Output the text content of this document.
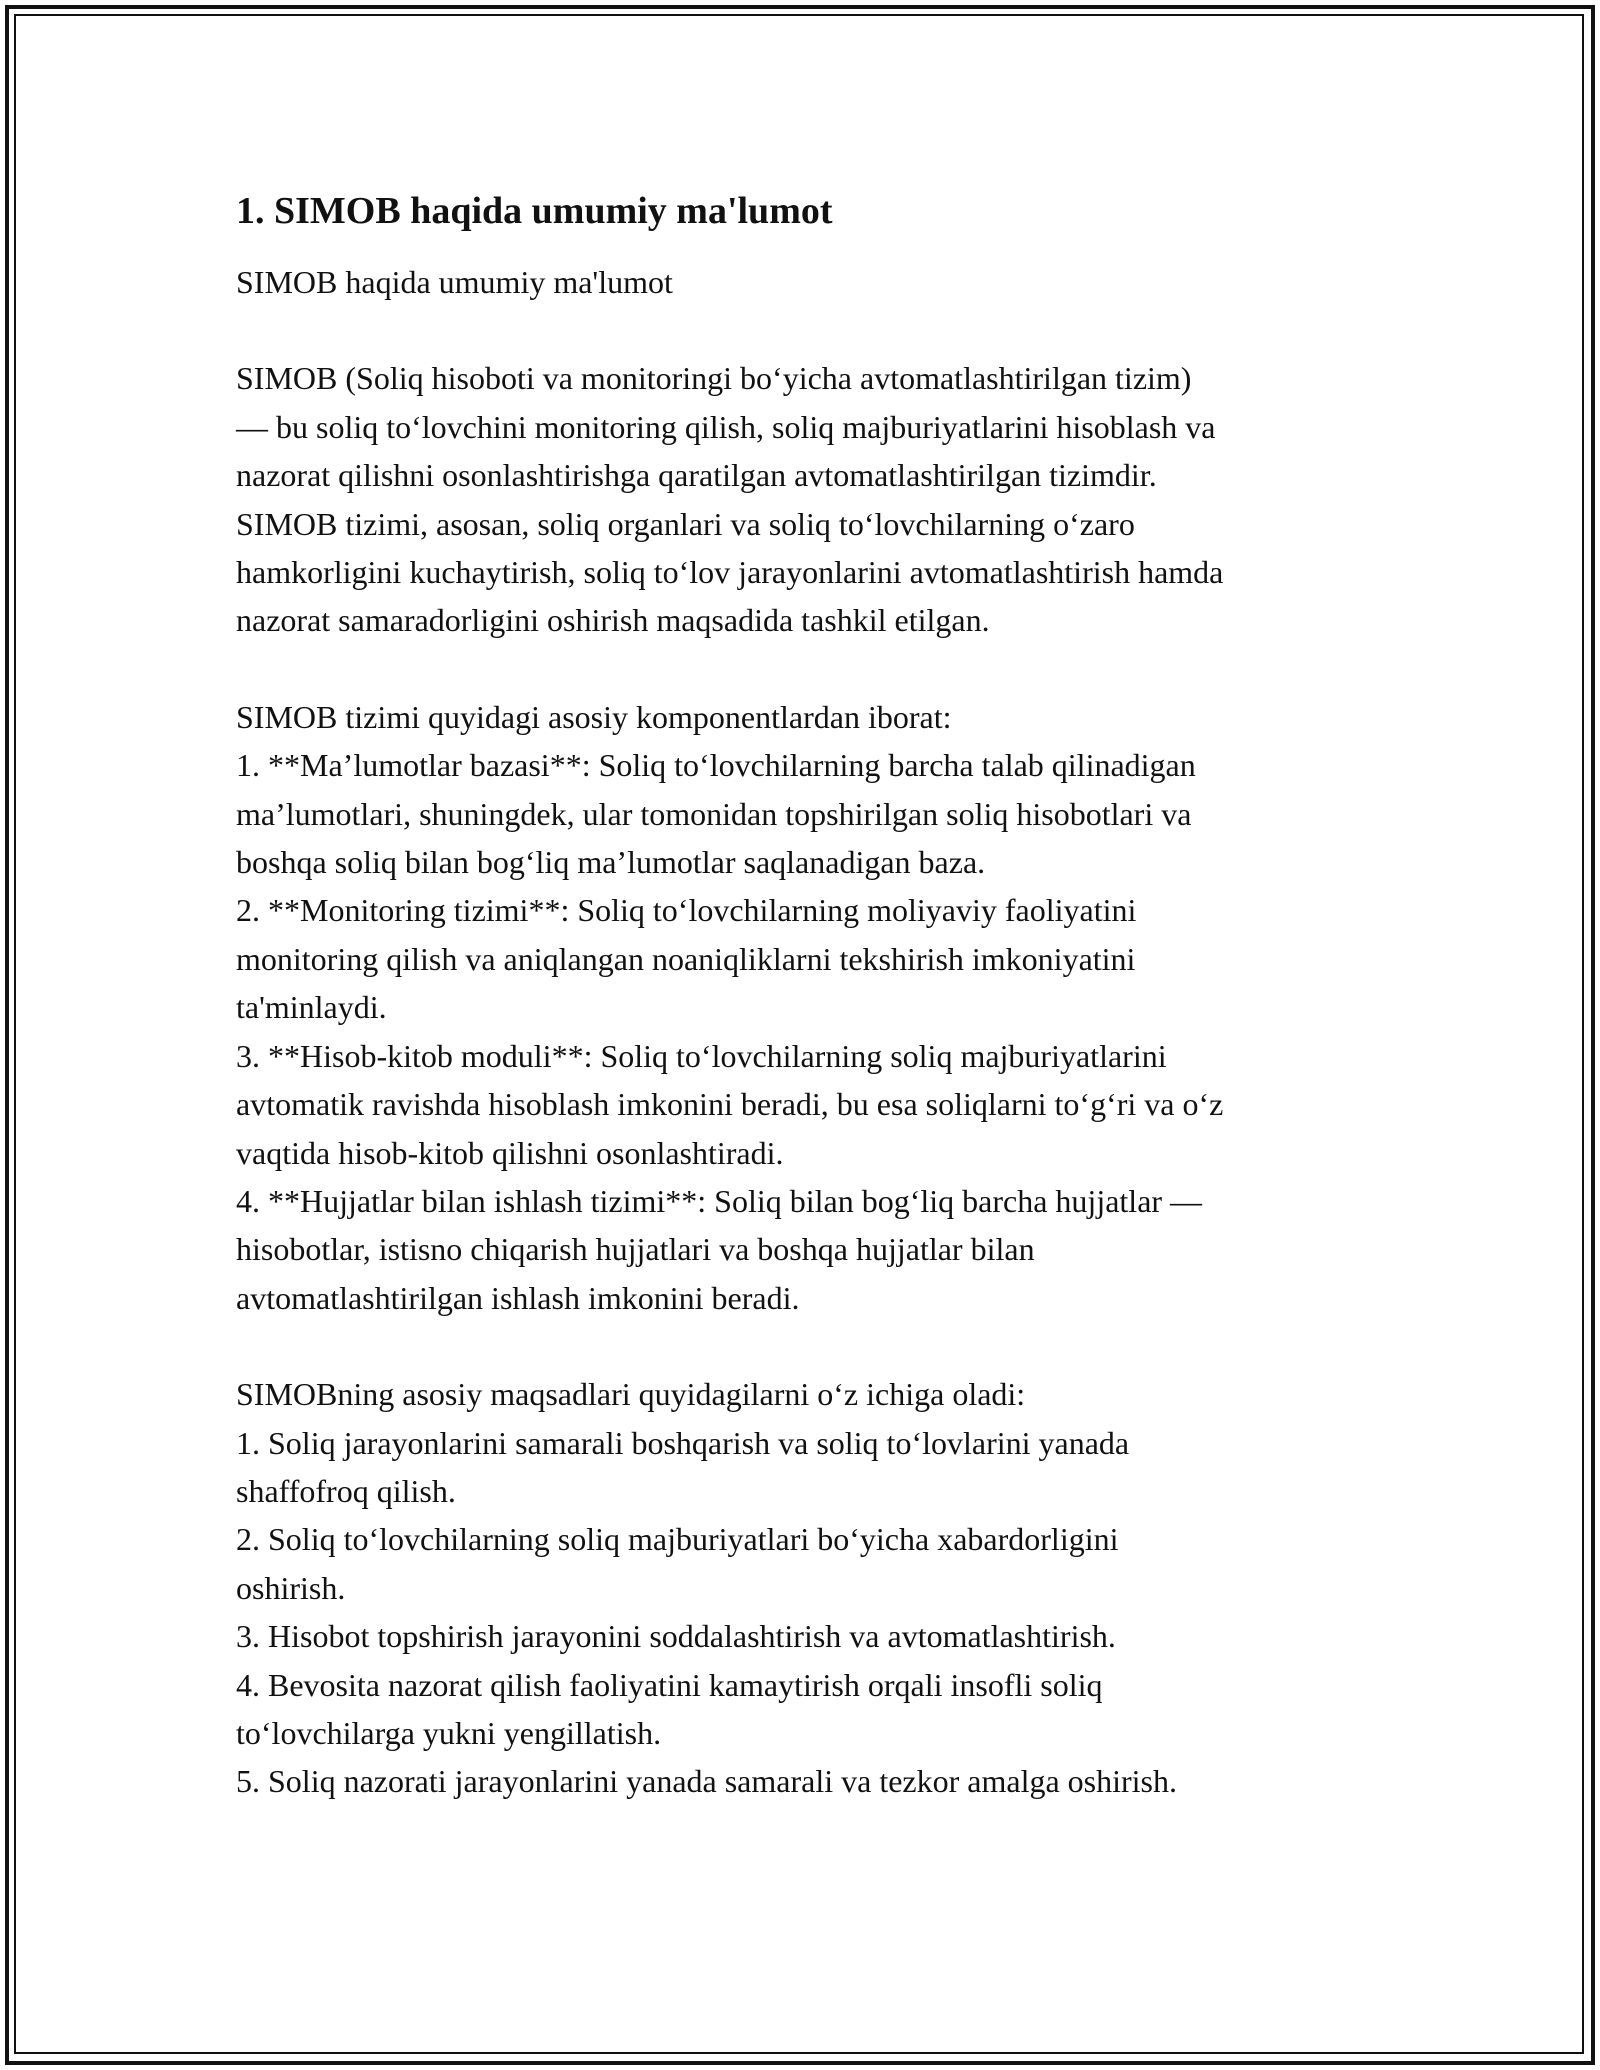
1. SIMOB haqida umumiy ma'lumot

SIMOB haqida umumiy ma'lumot

SIMOB (Soliq hisoboti va monitoringi bo‘yicha avtomatlashtirilgan tizim)
— bu soliq to‘lovchini monitoring qilish, soliq majburiyatlarini hisoblash va
nazorat qilishni osonlashtirishga qaratilgan avtomatlashtirilgan tizimdir.
SIMOB tizimi, asosan, soliq organlari va soliq to‘lovchilarning o‘zaro
hamkorligini kuchaytirish, soliq to‘lov jarayonlarini avtomatlashtirish hamda
nazorat samaradorligini oshirish maqsadida tashkil etilgan.

SIMOB tizimi quyidagi asosiy komponentlardan iborat:
1. **Ma’lumotlar bazasi**: Soliq to‘lovchilarning barcha talab qilinadigan
ma’lumotlari, shuningdek, ular tomonidan topshirilgan soliq hisobotlari va
boshqa soliq bilan bog‘liq ma’lumotlar saqlanadigan baza.
2. **Monitoring tizimi**: Soliq to‘lovchilarning moliyaviy faoliyatini
monitoring qilish va aniqlangan noaniqliklarni tekshirish imkoniyatini
ta'minlaydi.
3. **Hisob-kitob moduli**: Soliq to‘lovchilarning soliq majburiyatlarini
avtomatik ravishda hisoblash imkonini beradi, bu esa soliqlarni to‘g‘ri va o‘z
vaqtida hisob-kitob qilishni osonlashtiradi.
4. **Hujjatlar bilan ishlash tizimi**: Soliq bilan bog‘liq barcha hujjatlar —
hisobotlar, istisno chiqarish hujjatlari va boshqa hujjatlar bilan
avtomatlashtirilgan ishlash imkonini beradi.

SIMOBning asosiy maqsadlari quyidagilarni o‘z ichiga oladi:
1. Soliq jarayonlarini samarali boshqarish va soliq to‘lovlarini yanada
shaffofroq qilish.
2. Soliq to‘lovchilarning soliq majburiyatlari bo‘yicha xabardorligini
oshirish.
3. Hisobot topshirish jarayonini soddalashtirish va avtomatlashtirish.
4. Bevosita nazorat qilish faoliyatini kamaytirish orqali insofli soliq
to‘lovchilarga yukni yengillatish.
5. Soliq nazorati jarayonlarini yanada samarali va tezkor amalga oshirish.
